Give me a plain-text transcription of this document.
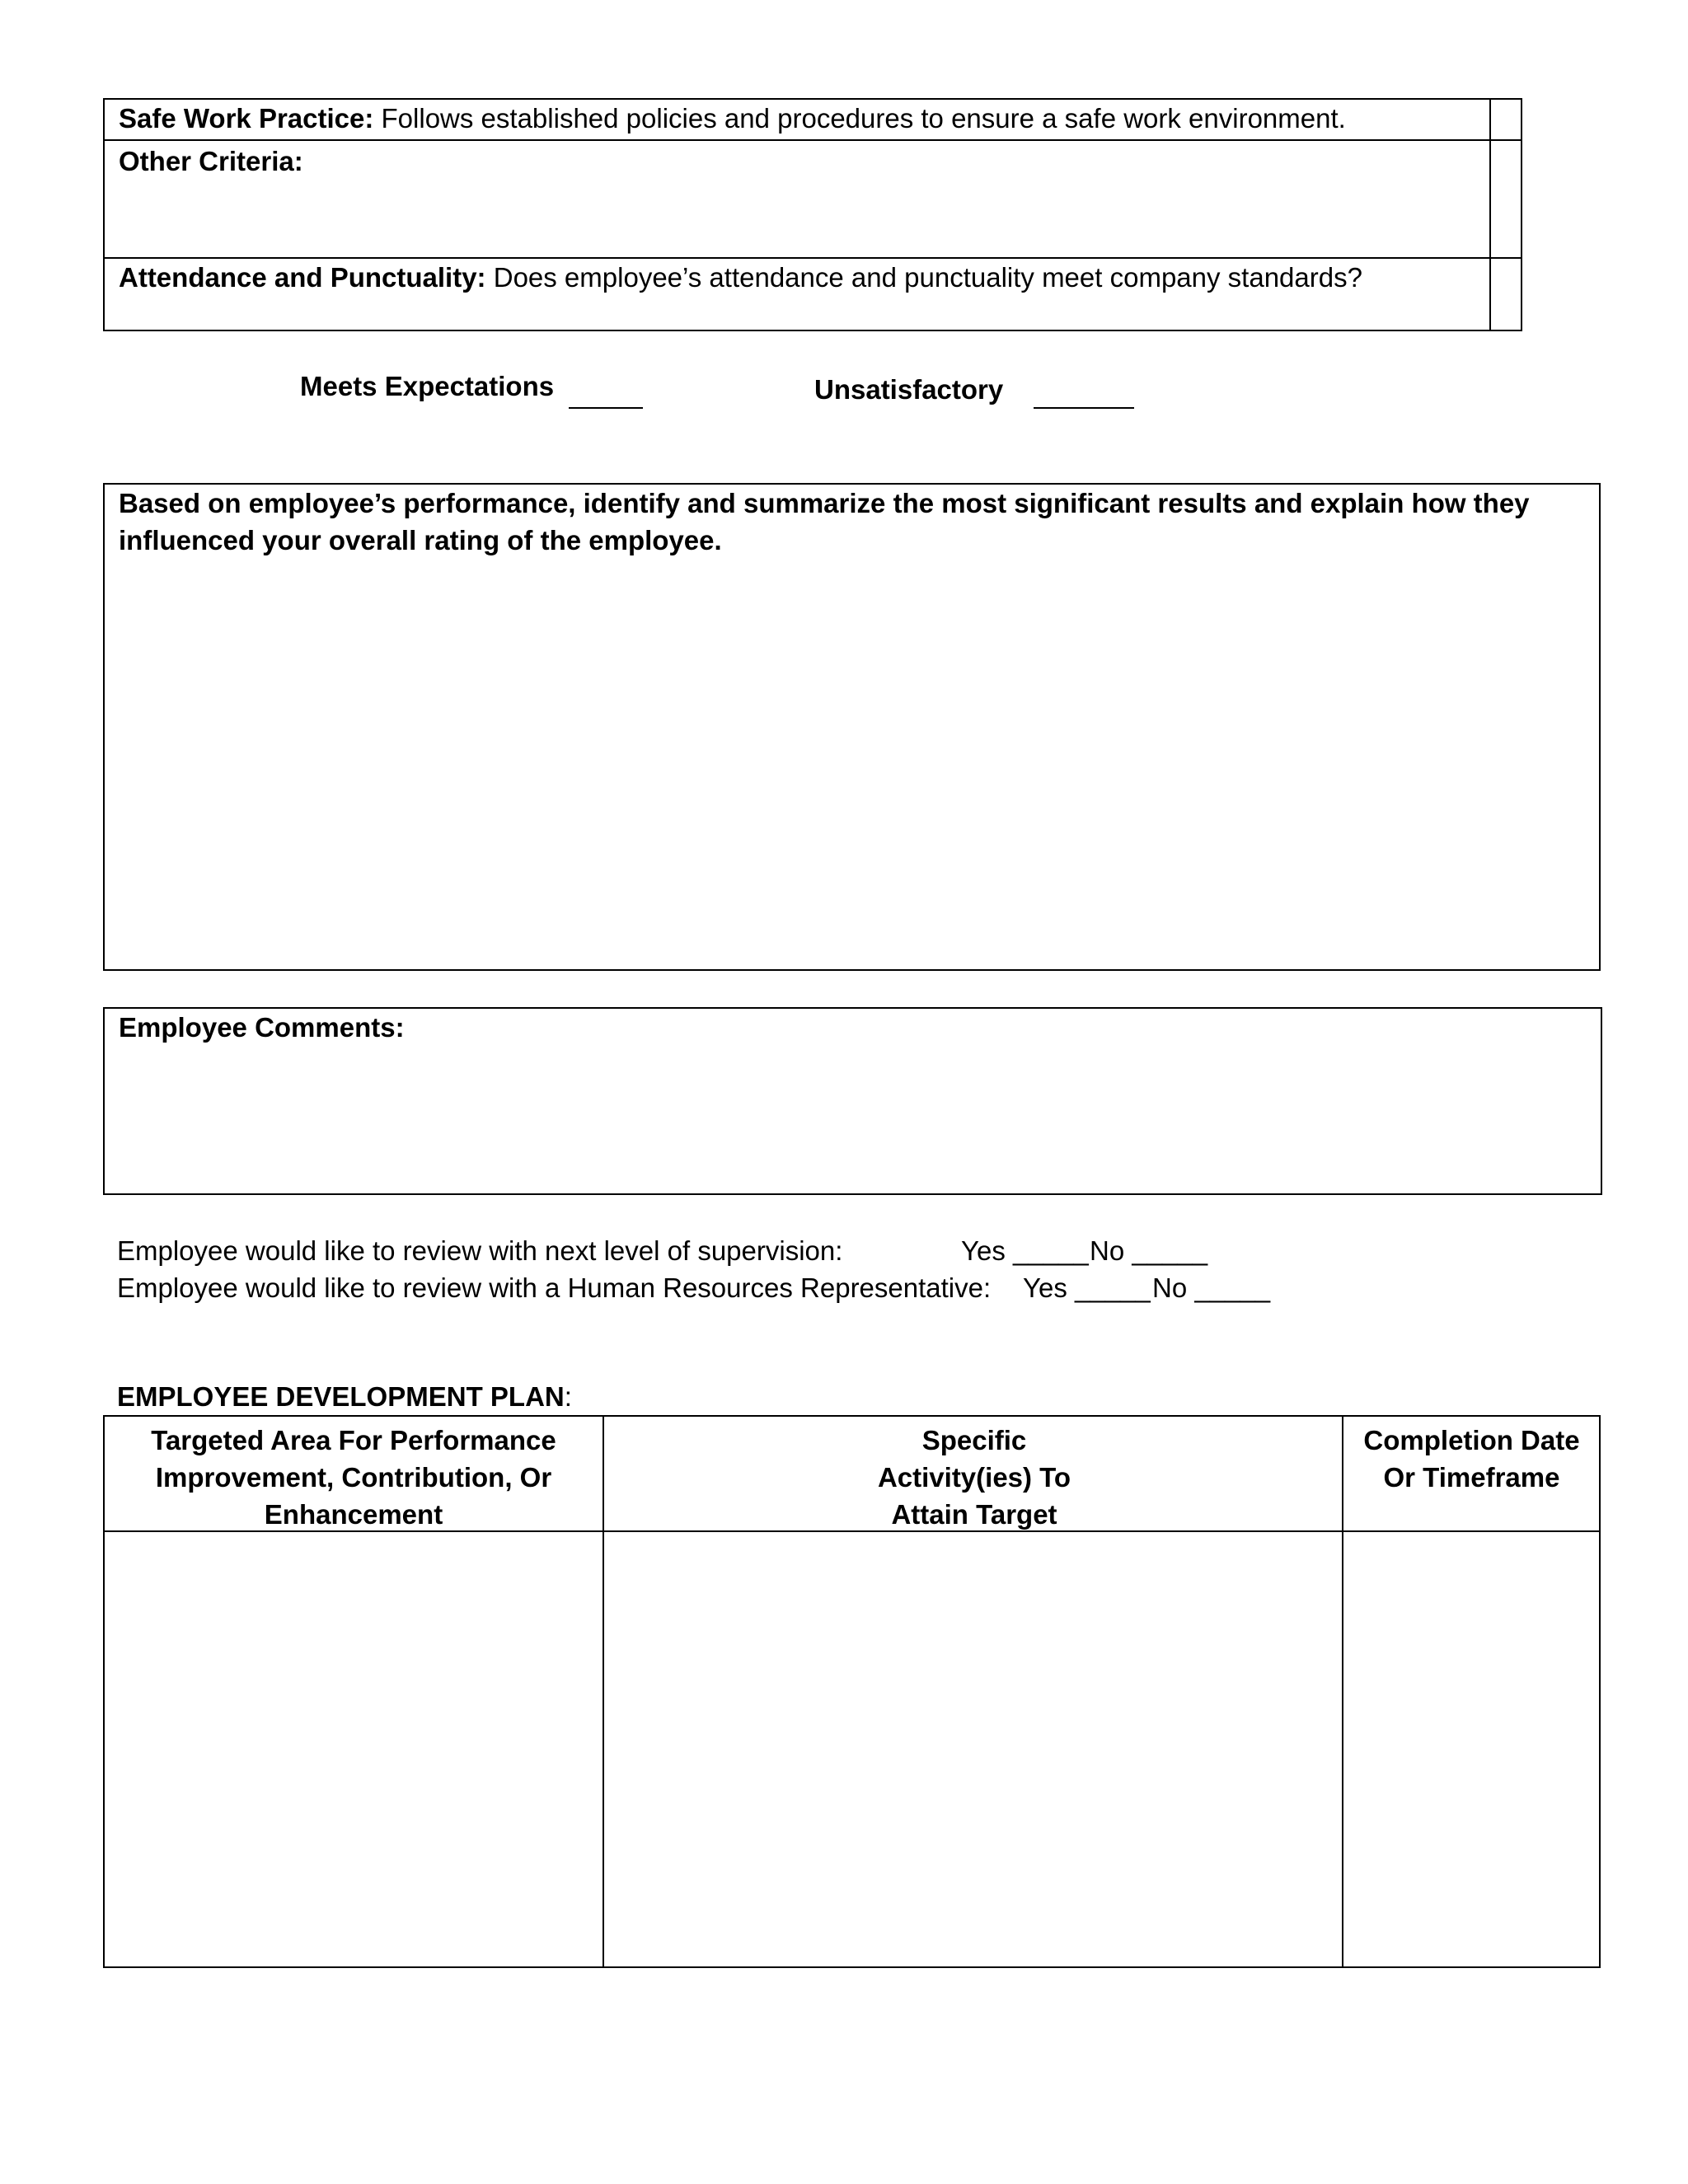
Safe Work Practice: Follows established policies and procedures to ensure a safe work environment.
Other Criteria:
Attendance and Punctuality: Does employee’s attendance and punctuality meet company standards?
Meets Expectations	Unsatisfactory
Based on employee’s performance, identify and summarize the most significant results and explain how they influenced your overall rating of the employee.
Employee Comments:
Employee would like to review with next level of supervision:	Yes _____ No _____
Employee would like to review with a Human Resources Representative: Yes _____ No _____
EMPLOYEE DEVELOPMENT PLAN:
Targeted Area For Performance Improvement, Contribution, Or Enhancement
Specific Activity(ies) To Attain Target
Completion Date Or Timeframe
